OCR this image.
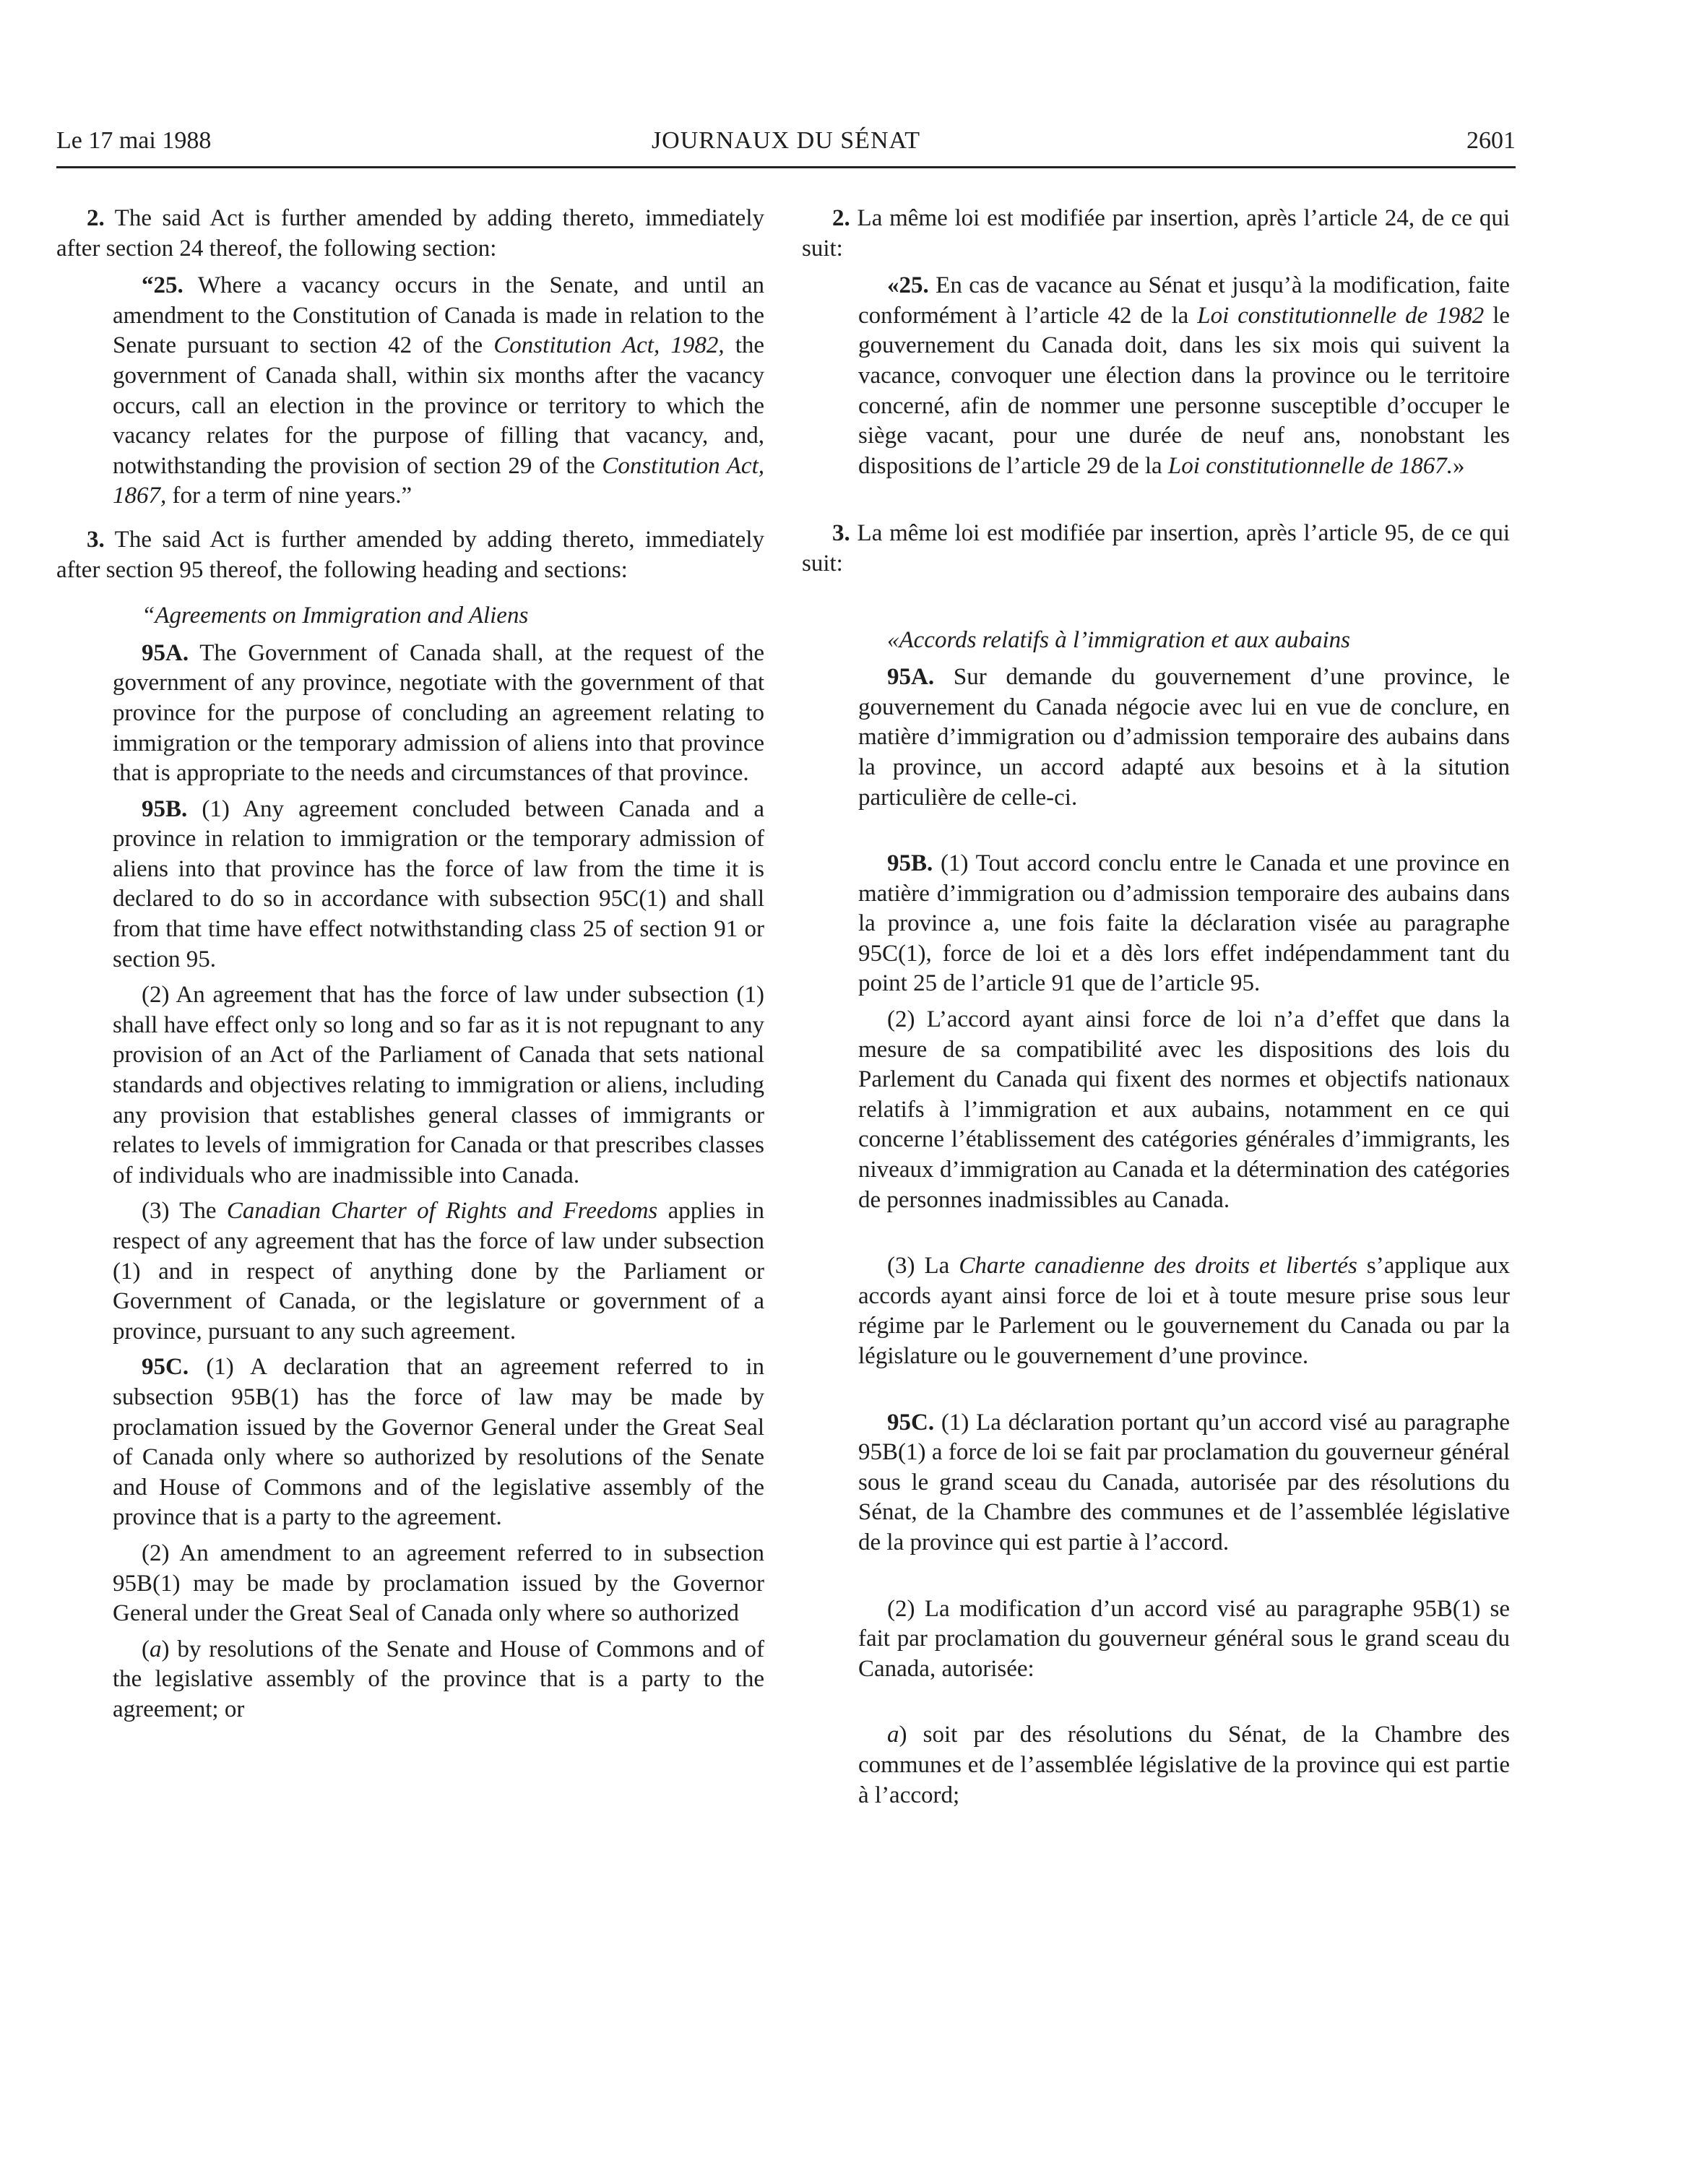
JOURNAUX DU SÉNAT
Le 17 mai 1988	2601

2. The said Act is further amended by adding thereto, immediately after section 24 thereof, the following section:

“25. Where a vacancy occurs in the Senate, and until an amendment to the Constitution of Canada is made in relation to the Senate pursuant to section 42 of the Constitution Act, 1982, the government of Canada shall, within six months after the vacancy occurs, call an election in the province or territory to which the vacancy relates for the purpose of filling that vacancy, and, notwithstanding the provision of section 29 of the Constitution Act, 1867, for a term of nine years.”

3. The said Act is further amended by adding thereto, immediately after section 95 thereof, the following heading and sections:

“Agreements on Immigration and Aliens

95A. The Government of Canada shall, at the request of the government of any province, negotiate with the government of that province for the purpose of concluding an agreement relating to immigration or the temporary admission of aliens into that province that is appropriate to the needs and circumstances of that province.

95B. (1) Any agreement concluded between Canada and a province in relation to immigration or the temporary admission of aliens into that province has the force of law from the time it is declared to do so in accordance with subsection 95C(1) and shall from that time have effect notwithstanding class 25 of section 91 or section 95.

(2) An agreement that has the force of law under subsection (1) shall have effect only so long and so far as it is not repugnant to any provision of an Act of the Parliament of Canada that sets national standards and objectives relating to immigration or aliens, including any provision that establishes general classes of immigrants or relates to levels of immigration for Canada or that prescribes classes of individuals who are inadmissible into Canada.

(3) The Canadian Charter of Rights and Freedoms applies in respect of any agreement that has the force of law under subsection (1) and in respect of anything done by the Parliament or Government of Canada, or the legislature or government of a province, pursuant to any such agreement.

95C. (1) A declaration that an agreement referred to in subsection 95B(1) has the force of law may be made by proclamation issued by the Governor General under the Great Seal of Canada only where so authorized by resolutions of the Senate and House of Commons and of the legislative assembly of the province that is a party to the agreement.

(2) An amendment to an agreement referred to in subsection 95B(1) may be made by proclamation issued by the Governor General under the Great Seal of Canada only where so authorized

(a) by resolutions of the Senate and House of Commons and of the legislative assembly of the province that is a party to the agreement; or

2. La même loi est modifiée par insertion, après l’article 24, de ce qui suit:

«25. En cas de vacance au Sénat et jusqu’à la modification, faite conformément à l’article 42 de la Loi constitutionnelle de 1982 le gouvernement du Canada doit, dans les six mois qui suivent la vacance, convoquer une élection dans la province ou le territoire concerné, afin de nommer une personne susceptible d’occuper le siège vacant, pour une durée de neuf ans, nonobstant les dispositions de l’article 29 de la Loi constitutionnelle de 1867.»

3. La même loi est modifiée par insertion, après l’article 95, de ce qui suit:

«Accords relatifs à l’immigration et aux aubains

95A. Sur demande du gouvernement d’une province, le gouvernement du Canada négocie avec lui en vue de conclure, en matière d’immigration ou d’admission temporaire des aubains dans la province, un accord adapté aux besoins et à la sitution particulière de celle-ci.

95B. (1) Tout accord conclu entre le Canada et une province en matière d’immigration ou d’admission temporaire des aubains dans la province a, une fois faite la déclaration visée au paragraphe 95C(1), force de loi et a dès lors effet indépendamment tant du point 25 de l’article 91 que de l’article 95.

(2) L’accord ayant ainsi force de loi n’a d’effet que dans la mesure de sa compatibilité avec les dispositions des lois du Parlement du Canada qui fixent des normes et objectifs nationaux relatifs à l’immigration et aux aubains, notamment en ce qui concerne l’établissement des catégories générales d’immigrants, les niveaux d’immigration au Canada et la détermination des catégories de personnes inadmissibles au Canada.

(3) La Charte canadienne des droits et libertés s’applique aux accords ayant ainsi force de loi et à toute mesure prise sous leur régime par le Parlement ou le gouvernement du Canada ou par la législature ou le gouvernement d’une province.

95C. (1) La déclaration portant qu’un accord visé au paragraphe 95B(1) a force de loi se fait par proclamation du gouverneur général sous le grand sceau du Canada, autorisée par des résolutions du Sénat, de la Chambre des communes et de l’assemblée législative de la province qui est partie à l’accord.

(2) La modification d’un accord visé au paragraphe 95B(1) se fait par proclamation du gouverneur général sous le grand sceau du Canada, autorisée:

a) soit par des résolutions du Sénat, de la Chambre des communes et de l’assemblée législative de la province qui est partie à l’accord;
